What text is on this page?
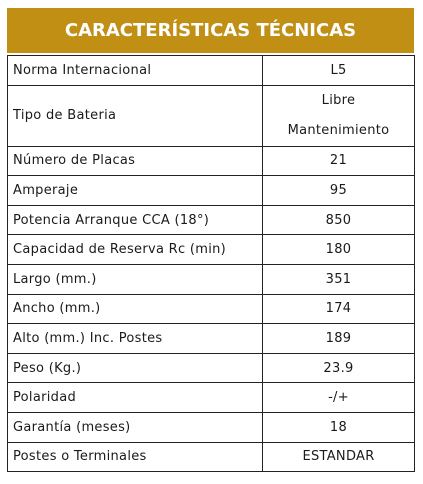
CARACTERÍSTICAS TÉCNICAS
Norma Internacional	L5
Tipo de Bateria	Libre
Mantenimiento

Número de Placas	21
Amperaje	95
Potencia Arranque CCA (18°)	850
Capacidad de Reserva Rc (min)	180
Largo (mm.)	351
Ancho (mm.)	174
Alto (mm.) Inc. Postes	189
Peso (Kg.)	23.9
Polaridad	-/+
Garantía (meses)	18
Postes o Terminales	ESTANDAR
